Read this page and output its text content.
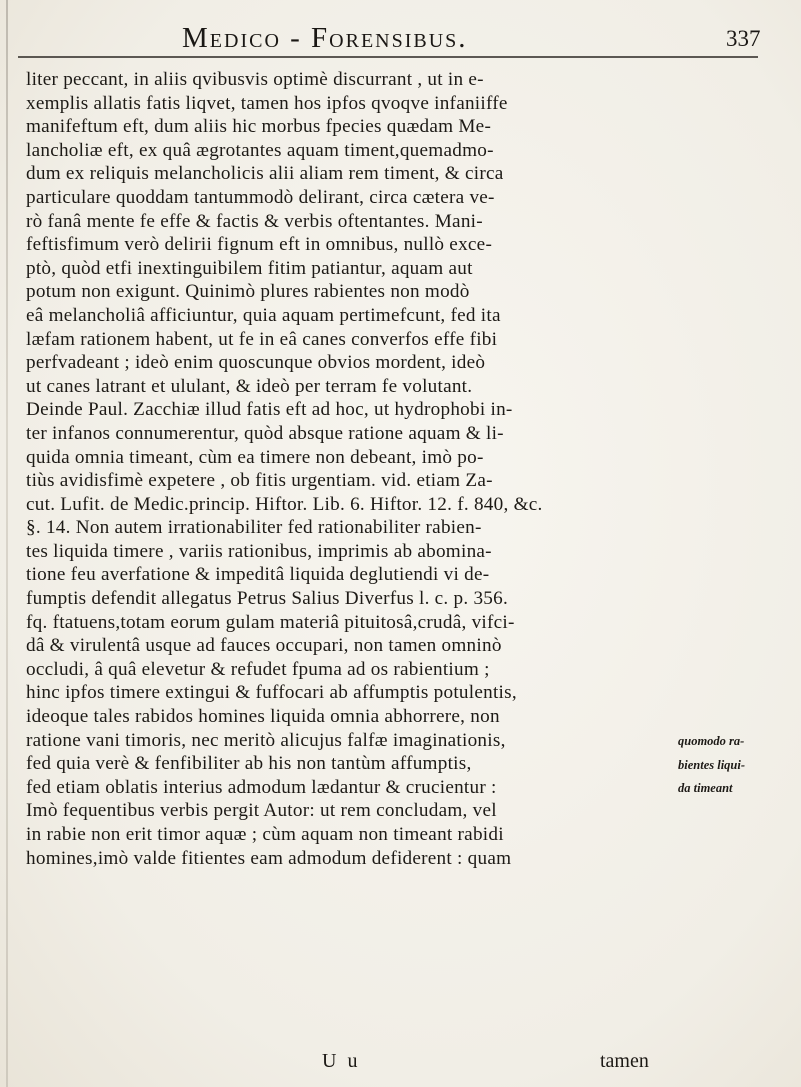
Medico - Forensibus.	337
liter peccant, in aliis qvibusvis optimè discurrant , ut in e-
xemplis allatis fatis liqvet, tamen hos ipfos qvoqve infaniiffe
manifeftum eft, dum aliis hic morbus fpecies quædam Me-
lancholiæ eft, ex quâ ægrotantes aquam timent,quemadmo-
dum ex reliquis melancholicis alii aliam rem timent, & circa
particulare quoddam tantummodò delirant, circa cætera ve-
rò fanâ mente fe effe & factis & verbis oftentantes. Mani-
feftisfimum verò delirii fignum eft in omnibus, nullò exce-
ptò, quòd etfi inextinguibilem fitim patiantur, aquam aut
potum non exigunt. Quinimò plures rabientes non modò
eâ melancholiâ afficiuntur, quia aquam pertimefcunt, fed ita
læfam rationem habent, ut fe in eâ canes converfos effe fibi
perfvadeant ; ideò enim quoscunque obvios mordent, ideò
ut canes latrant et ululant, & ideò per terram fe volutant.
Deinde Paul. Zacchiæ illud fatis eft ad hoc, ut hydrophobi in-
ter infanos connumerentur, quòd absque ratione aquam & li-
quida omnia timeant, cùm ea timere non debeant, imò po-
tiùs avidisfimè expetere , ob fitis urgentiam. vid. etiam Za-
cut. Lufit. de Medic.princip. Hiftor. Lib. 6. Hiftor. 12. f. 840, &c.
§. 14. Non autem irrationabiliter fed rationabiliter rabien-
tes liquida timere , variis rationibus, imprimis ab abomina-
tione feu averfatione & impeditâ liquida deglutiendi vi de-
fumptis defendit allegatus Petrus Salius Diverfus l. c. p. 356.
fq. ftatuens,totam eorum gulam materiâ pituitosâ,crudâ, vifci-
dâ & virulentâ usque ad fauces occupari, non tamen omninò
occludi, â quâ elevetur & refudet fpuma ad os rabientium ;
hinc ipfos timere extingui & fuffocari ab affumptis potulentis,
ideoque tales rabidos homines liquida omnia abhorrere, non
ratione vani timoris, nec meritò alicujus falfæ imaginationis,
fed quia verè & fenfibiliter ab his non tantùm affumptis,
fed etiam oblatis interius admodum lædantur & crucientur :
Imò fequentibus verbis pergit Autor: ut rem concludam, vel
in rabie non erit timor aquæ ; cùm aquam non timeant rabidi
homines,imò valde fitientes eam admodum defiderent : quam
quomodo ra-
bientes liqui-
da timeant
U u	tamen
